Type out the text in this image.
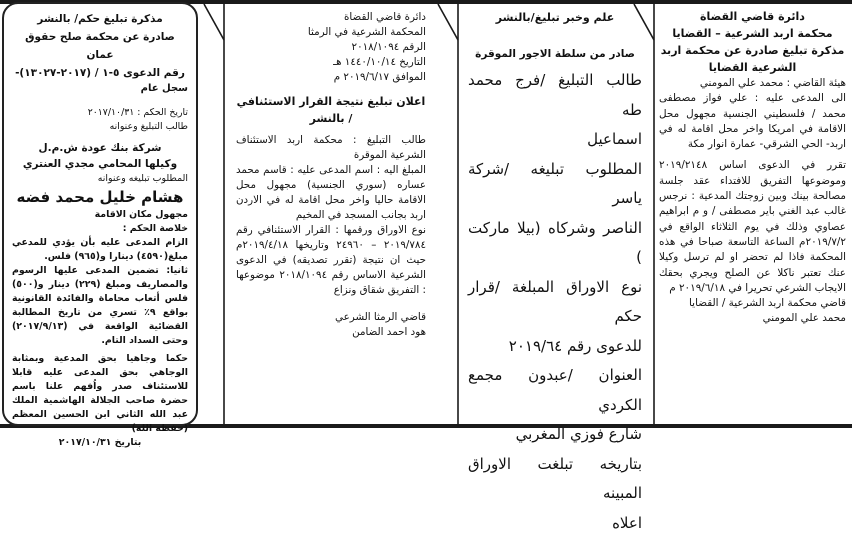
دائرة قاضي القضاة
محكمة اربد الشرعية – القضايا
مذكرة تبليغ صادرة عن محكمة اربد الشرعية القضايا

هيئة القاضي : محمد علي المومني

الى المدعى عليه : علي فواز مصطفى محمد / فلسطيني الجنسية مجهول محل الاقامة في امريكا واخر محل اقامة له في اربد- الحي الشرقي- عمارة انوار مكة

تقرر في الدعوى اساس ٢٠١٩/٢١٤٨ وموضوعها التفريق للافتداء عقد جلسة مصالحة بينك وبين زوجتك المدعية : نرجس غالب عبد الغني باير مصطفى / و م ابراهيم عصاوي وذلك في يوم الثلاثاء الواقع في ٢٠١٩/٧/٢م الساعة التاسعة صباحا في هذه المحكمة فاذا لم تحضر او لم ترسل وكيلا عنك تعتبر ناكلا عن الصلح ويجري بحقك الايجاب الشرعي تحريرا في ٢٠١٩/٦/١٨ م

قاضي محكمة اربد الشرعية / القضايا

محمد علي المومني

علم وخبر تبليغ/بالنشر
صادر من سلطة الاجور الموقرة

طالب التبليغ /فرج محمد طه

اسماعيل

المطلوب تبليغه /شركة ياسر

الناصر وشركاه (بيلا ماركت )

نوع الاوراق المبلغة /قرار حكم

للدعوى رقم ٢٠١٩/٦٤

العنوان /عبدون مجمع الكردي

شارع فوزي المغربي

بتاريخه تبلغت الاوراق المبينه

اعلاه

دائرة قاضي القضاة
المحكمة الشرعية في الرمثا
الرقم ٢٠١٨/١٠٩٤
التاريخ ١٤٤٠/١٠/١٤ هـ
الموافق ٢٠١٩/٦/١٧ م
اعلان تبليغ نتيجة القرار الاستئنافي / بالنشر

طالب التبليغ : محكمة اربد الاستئناف الشرعية الموقرة

المبلغ اليه : اسم المدعى عليه : قاسم محمد عساره (سوري الجنسية) مجهول محل الاقامة حاليا واخر محل اقامة له في الاردن اربد بجانب المسجد في المخيم

نوع الاوراق ورقمها : القرار الاستئنافي رقم ٢٠١٩/٧٨٤ – ٢٤٩٦٠ وتاريخها ٢٠١٩/٤/١٨م حيث ان نتيجة (تقرر تصديقه) في الدعوى الشرعية الاساس رقم ٢٠١٨/١٠٩٤ موضوعها : التفريق شقاق ونزاع

قاضي الرمثا الشرعي

هود احمد الضامن

مذكرة تبليغ حكم/ بالنشر
صادرة عن محكمة صلح حقوق عمان
رقم الدعوى ٥-١ / (٢٠١٧-١٣٠٢٧)-
سجل عام

تاريخ الحكم : ٢٠١٧/١٠/٣١

طالب التبليغ وعنوانه

شركة بنك عودة ش.م.ل
وكيلها المحامي مجدي العنتري

المطلوب تبليغه وعنوانه

هشام خليل محمد فضه

مجهول مكان الاقامة

خلاصة الحكم :

الزام المدعى عليه بأن يؤدي للمدعي مبلغ(٤٥٩٠) دينارا و(٩٦٥) فلس.

ثانيا: تضمين المدعى عليها الرسوم والمصاريف ومبلغ (٢٢٩) دينار و(٥٠٠) فلس أتعاب محاماة والفائدة القانونية بواقع ٩٪ تسري من تاريخ المطالبة القضائية الواقعة في (٢٠١٧/٩/١٣) وحتى السداد التام.

حكما وجاهيا بحق المدعية وبمثابة الوجاهي بحق المدعى عليه قابلا للاستئناف صدر واُفهم علنا باسم حضرة صاحب الجلالة الهاشمية الملك عبد الله الثاني ابن الحسين المعظم (حفظه الله)

بتاريخ ٢٠١٧/١٠/٣١
